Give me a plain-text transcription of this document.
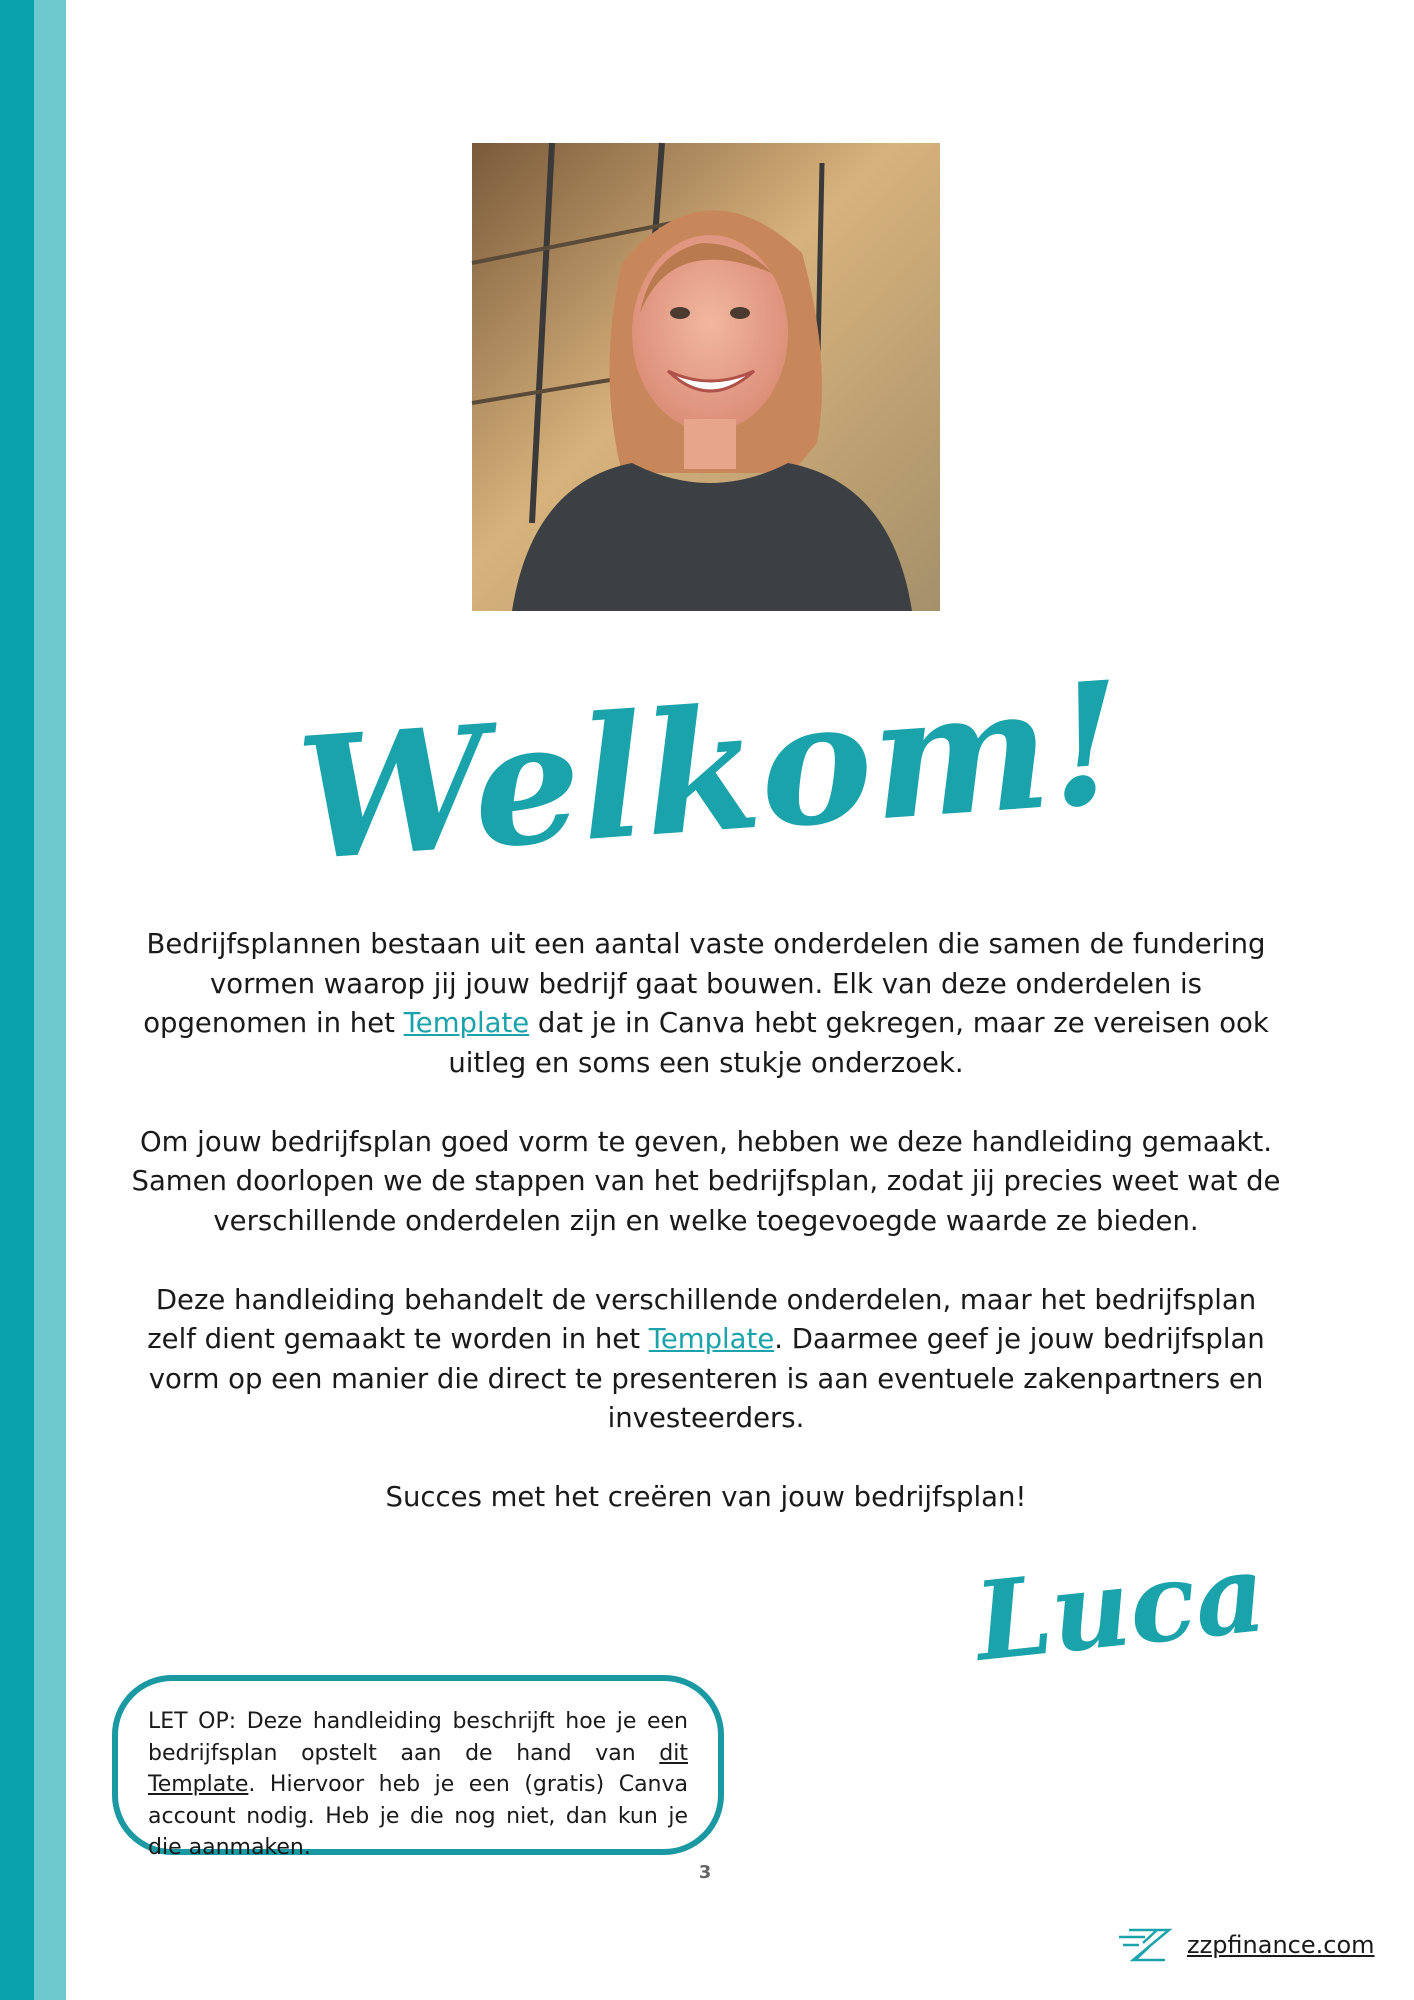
Welkom!

Bedrijfsplannen bestaan uit een aantal vaste onderdelen die samen de fundering vormen waarop jij jouw bedrijf gaat bouwen. Elk van deze onderdelen is opgenomen in het Template dat je in Canva hebt gekregen, maar ze vereisen ook uitleg en soms een stukje onderzoek.

Om jouw bedrijfsplan goed vorm te geven, hebben we deze handleiding gemaakt. Samen doorlopen we de stappen van het bedrijfsplan, zodat jij precies weet wat de verschillende onderdelen zijn en welke toegevoegde waarde ze bieden.

Deze handleiding behandelt de verschillende onderdelen, maar het bedrijfsplan zelf dient gemaakt te worden in het Template. Daarmee geef je jouw bedrijfsplan vorm op een manier die direct te presenteren is aan eventuele zakenpartners en investeerders.

Succes met het creëren van jouw bedrijfsplan!

Luca

LET OP: Deze handleiding beschrijft hoe je een bedrijfsplan opstelt aan de hand van dit Template. Hiervoor heb je een (gratis) Canva account nodig. Heb je die nog niet, dan kun je die aanmaken.

3
zzpfinance.com
